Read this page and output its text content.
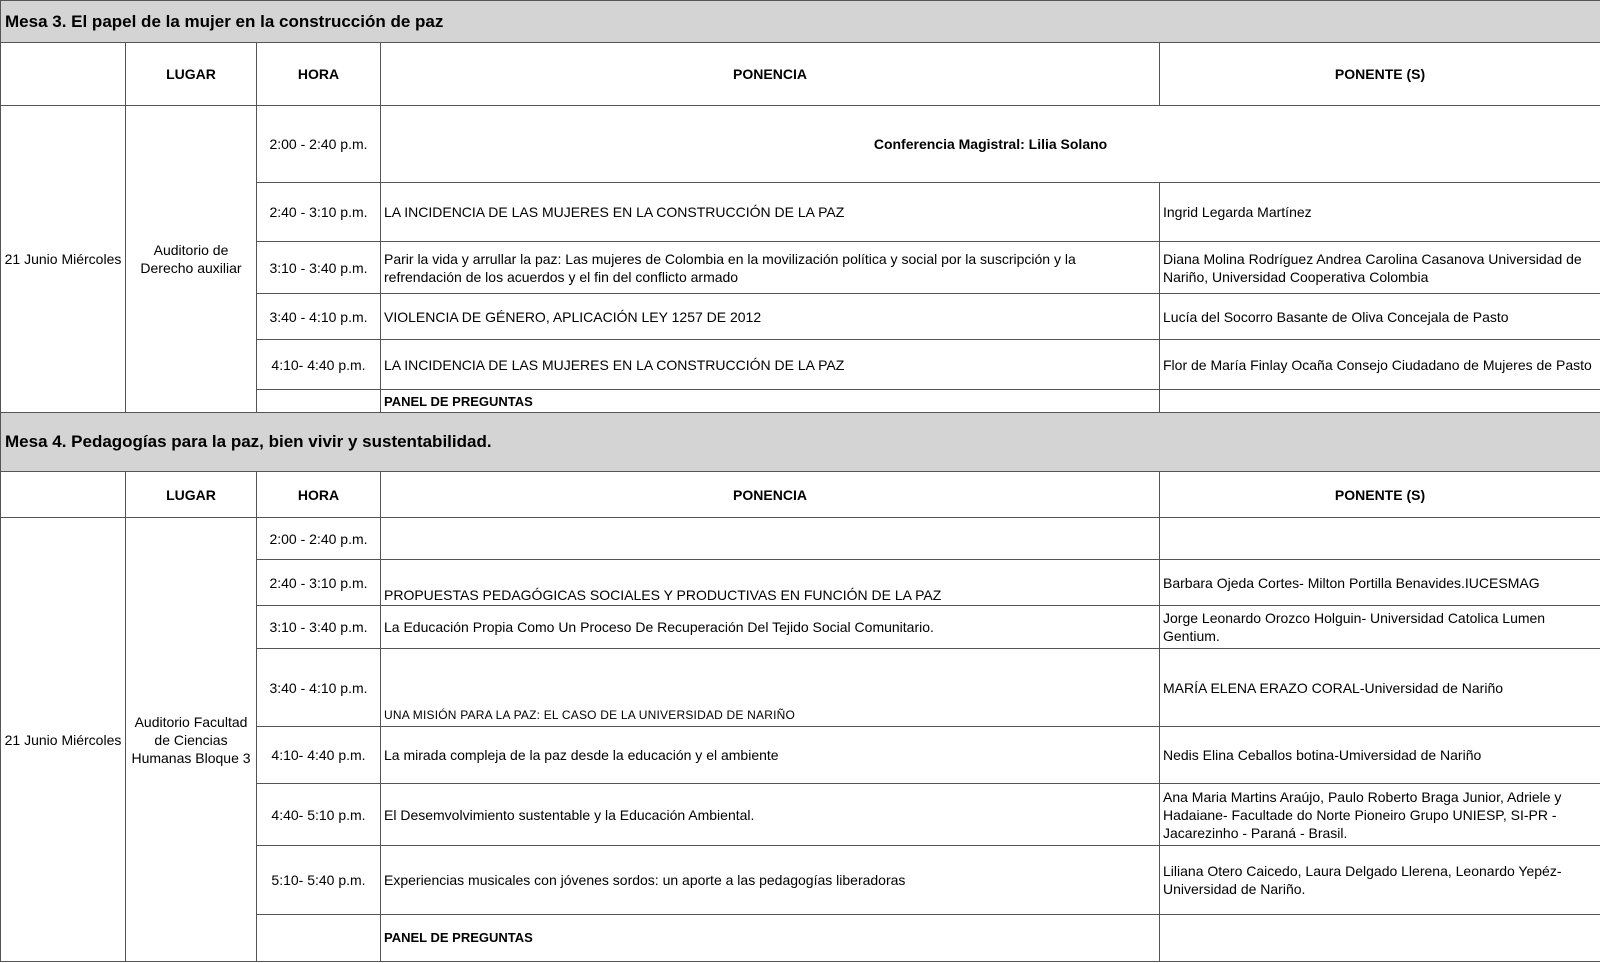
Mesa 3. El papel de la mujer en la construcción de paz				
	LUGAR	HORA	PONENCIA	PONENTE (S)
21 Junio Miércoles	Auditorio de Derecho auxiliar	2:00 - 2:40 p.m.	Conferencia Magistral: Lilia Solano	
		2:40 - 3:10 p.m.	LA INCIDENCIA DE LAS MUJERES EN LA CONSTRUCCIÓN DE LA PAZ	Ingrid Legarda Martínez
		3:10 - 3:40 p.m.	Parir la vida y arrullar la paz: Las mujeres de Colombia en la movilización política y social por la suscripción y la refrendación de los acuerdos y el fin del conflicto armado	Diana Molina Rodríguez Andrea Carolina Casanova Universidad de Nariño, Universidad Cooperativa Colombia
		3:40 - 4:10 p.m.	VIOLENCIA DE GÉNERO, APLICACIÓN LEY 1257 DE 2012	Lucía del Socorro Basante de Oliva Concejala de Pasto
		4:10- 4:40 p.m.	LA INCIDENCIA DE LAS MUJERES EN LA CONSTRUCCIÓN DE LA PAZ	Flor de María Finlay Ocaña Consejo Ciudadano de Mujeres de Pasto
			PANEL DE PREGUNTAS	
Mesa 4. Pedagogías para la paz, bien vivir y sustentabilidad.				
	LUGAR	HORA	PONENCIA	PONENTE (S)
21 Junio Miércoles	Auditorio Facultad de Ciencias Humanas Bloque 3	2:00 - 2:40 p.m.		
		2:40 - 3:10 p.m.	PROPUESTAS PEDAGÓGICAS SOCIALES Y PRODUCTIVAS EN FUNCIÓN DE LA PAZ	Barbara Ojeda Cortes- Milton Portilla Benavides.IUCESMAG
		3:10 - 3:40 p.m.	La Educación Propia Como Un Proceso De Recuperación Del Tejido Social Comunitario.	Jorge Leonardo Orozco Holguin- Universidad Catolica Lumen Gentium.
		3:40 - 4:10 p.m.	UNA MISIÓN PARA LA PAZ: EL CASO DE LA UNIVERSIDAD DE NARIÑO	MARÍA ELENA ERAZO CORAL-Universidad de Nariño
		4:10- 4:40 p.m.	La mirada compleja de la paz desde la educación y el ambiente	Nedis Elina Ceballos botina-Umiversidad de Nariño
		4:40- 5:10 p.m.	El Desemvolvimiento sustentable y la Educación Ambiental.	Ana Maria Martins Araújo, Paulo Roberto Braga Junior, Adriele y Hadaiane- Facultade do Norte Pioneiro Grupo UNIESP, SI-PR - Jacarezinho - Paraná - Brasil.
		5:10- 5:40 p.m.	Experiencias musicales con jóvenes sordos: un aporte a las pedagogías liberadoras	Liliana Otero Caicedo, Laura Delgado Llerena, Leonardo Yepéz- Universidad de Nariño.
			PANEL DE PREGUNTAS	
